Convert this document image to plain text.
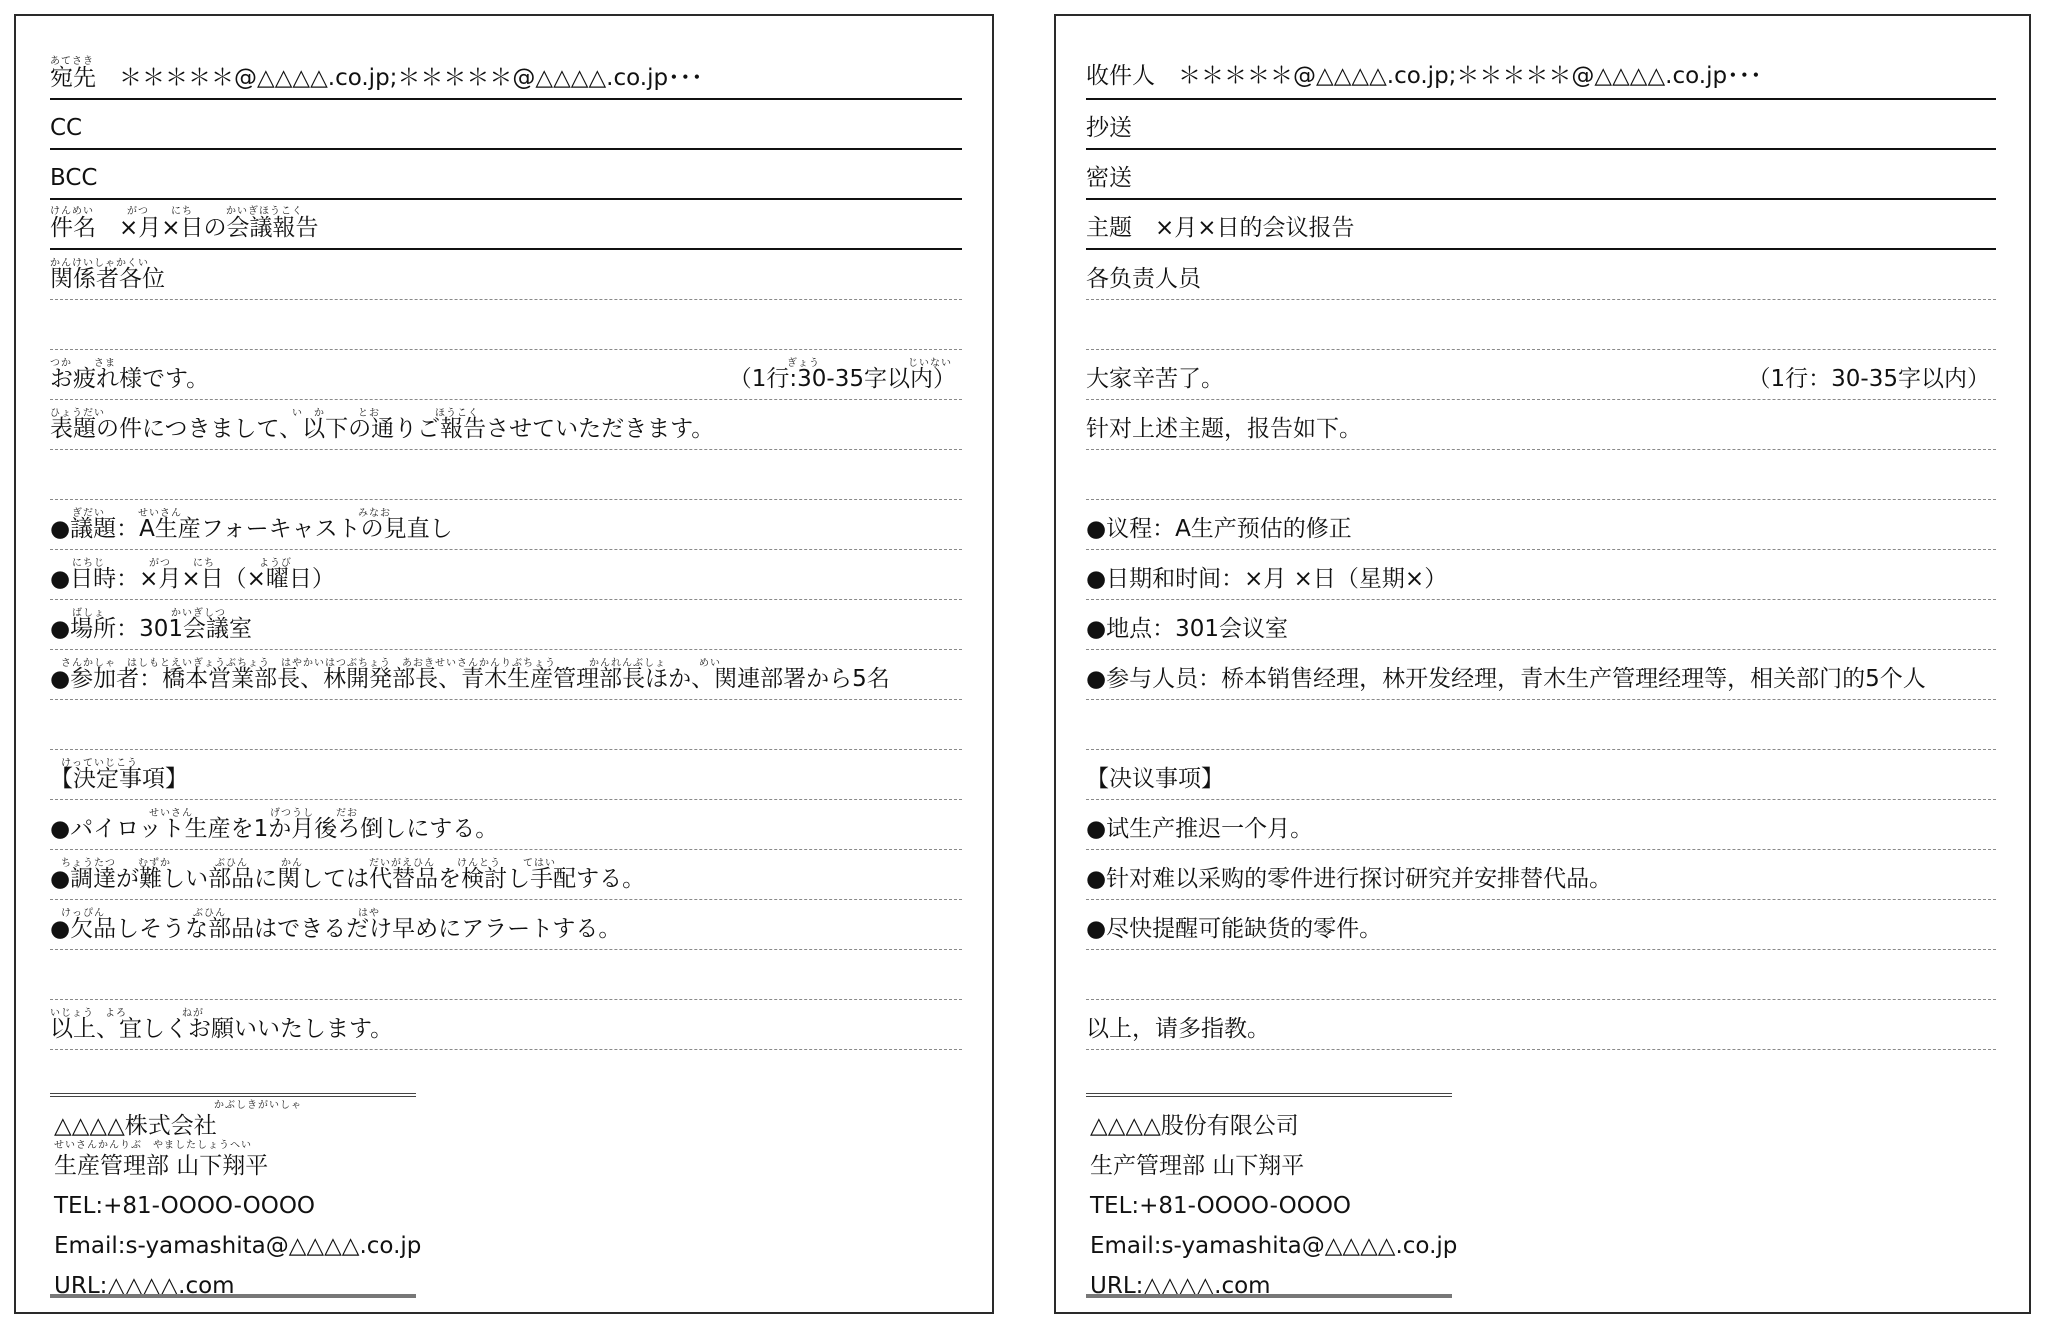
あてさき
宛先　 ＊＊＊＊＊@△△△△.co.jp;＊＊＊＊＊@△△△△.co.jp･･･
CC
BCC
けんめい　　　がつ　　にち　　　かいぎほうこく
件名　 ×月×日の会議報告
かんけいしゃかくい
関係者各位
つか　　さま
お疲れ様です。
ぎょう　　　　　　　　じいない
（1行:30-35字以内）
ひょうだい　　　　　　　　　　　　　　　　　い　か　　　とお　　　　　ほうこく
表題の件につきまして、以下の通りご報告させていただきます。
　　ぎだい　　　せいさん　　　　　　　　　　　　　　　　みなお
●議題：A生産フォーキャストの見直し
　　にちじ　　　　がつ　　にち　　　　ようび
●日時：×月×日（×曜日）
　　ばしょ　　　　　　かいぎしつ
●場所：301会議室
　さんかしゃ　はしもとえいぎょうぶちょう　はやかいはつぶちょう　あおきせいさんかんりぶちょう　　　かんれんぶしょ　　　めい
●参加者：橋本営業部長、林開発部長、青木生産管理部長ほか、関連部署から5名
　けっていじこう
【決定事項】
　　　　　　　　　せいさん　　　　　　　げつうし　　だお
●パイロット生産を1か月後ろ倒しにする。
　ちょうたつ　　むずか　　　　ぶひん　　　かん　　　　　　だいがえひん　　けんとう　　てはい
●調達が難しい部品に関しては代替品を検討し手配する。
　けっぴん　　　　　　　　ぶひん　　　　　　　　　　　　はや
●欠品しそうな部品はできるだけ早めにアラートする。
いじょう　よろ　　　　　ねが
以上、宜しくお願いいたします。
　　　　　　かぶしきがいしゃ
△△△△株式会社
せいさんかんりぶ　やましたしょうへい
生産管理部 山下翔平
TEL:+81-OOOO-OOOO
Email:s-yamashita@△△△△.co.jp
URL:△△△△.com
收件人　 ＊＊＊＊＊@△△△△.co.jp;＊＊＊＊＊@△△△△.co.jp･･･
抄送
密送
主题　 ×月×日的会议报告
各负责人员
大家辛苦了。	（1行：30-35字以内）
针对上述主题，报告如下。
●议程：A生产预估的修正
●日期和时间：×月 ×日（星期×）
●地点：301会议室
●参与人员：桥本销售经理，林开发经理，青木生产管理经理等，相关部门的5个人
【决议事项】
●试生产推迟一个月。
●针对难以采购的零件进行探讨研究并安排替代品。
●尽快提醒可能缺货的零件。
以上，请多指教。
△△△△股份有限公司
生产管理部 山下翔平
TEL:+81-OOOO-OOOO
Email:s-yamashita@△△△△.co.jp
URL:△△△△.com
